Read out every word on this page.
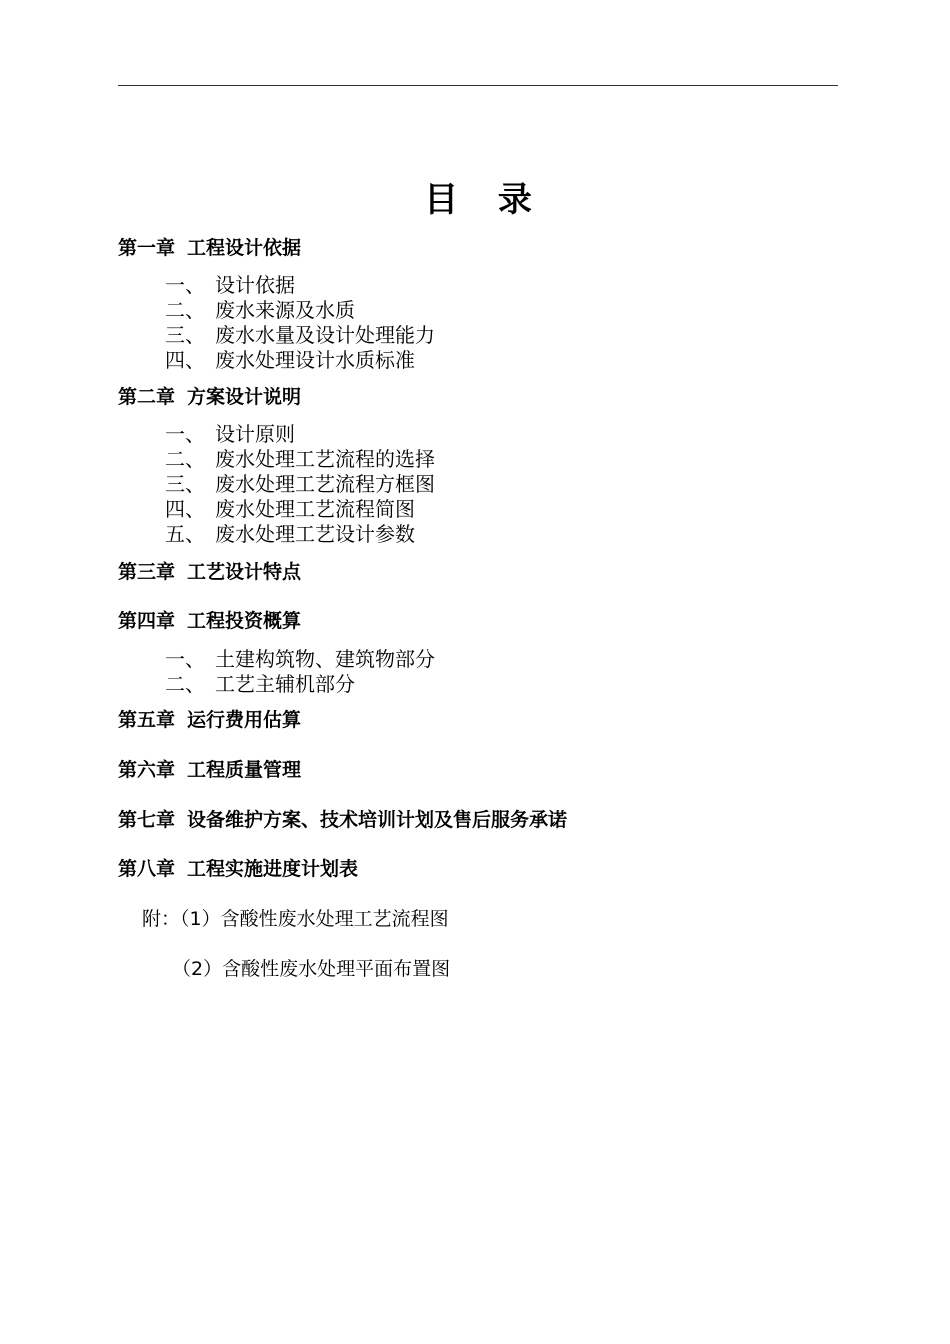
目 录
第一章 工程设计依据
一、 设计依据
二、 废水来源及水质
三、 废水水量及设计处理能力
四、 废水处理设计水质标准
第二章 方案设计说明
一、 设计原则
二、 废水处理工艺流程的选择
三、 废水处理工艺流程方框图
四、 废水处理工艺流程简图
五、 废水处理工艺设计参数
第三章 工艺设计特点
第四章 工程投资概算
一、 土建构筑物、建筑物部分
二、 工艺主辅机部分
第五章 运行费用估算
第六章 工程质量管理
第七章 设备维护方案、技术培训计划及售后服务承诺
第八章 工程实施进度计划表
附：（1）含酸性废水处理工艺流程图
（2）含酸性废水处理平面布置图
